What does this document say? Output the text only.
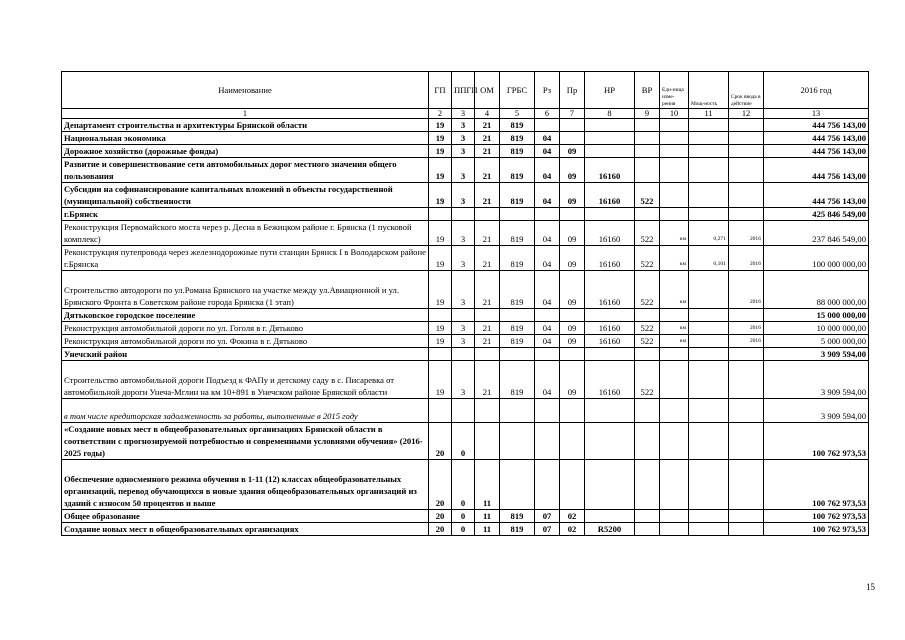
Наименование	ГП	ППГП	ОМ	ГРБС	Рз	Пр	НР	ВР	Еди-ница изме-рения	Мощ-ность	Срок ввода в действие	2016 год
1	2	3	4	5	6	7	8	9	10	11	12	13
Департамент строительства и архитектуры Брянской области	19	3	21	819								444 756 143,00
Национальная экономика	19	3	21	819	04							444 756 143,00
Дорожное хозяйство (дорожные фонды)	19	3	21	819	04	09						444 756 143,00
Развитие и совершенствование сети автомобильных дорог местного значения общего пользования	19	3	21	819	04	09	16160					444 756 143,00
Субсидии на софинансирование капитальных вложений в объекты государственной (муниципальной) собственности	19	3	21	819	04	09	16160	522				444 756 143,00
г.Брянск												425 846 549,00
Реконструкция Первомайского моста через р. Десна в Бежицком районе г. Брянска (1 пусковой комплекс)	19	3	21	819	04	09	16160	522	км	0,271	2016	237 846 549,00
Реконструкция путепровода через железнодорожные пути станции Брянск I в Володарском районе г.Брянска	19	3	21	819	04	09	16160	522	км	0,101	2016	100 000 000,00
Строительство автодороги по ул.Романа Брянского на участке между ул.Авиационной и ул. Брянского Фронта в Советском районе города Брянска (1 этап)	19	3	21	819	04	09	16160	522	км		2016	88 000 000,00
Дятьковское городское поселение												15 000 000,00
Реконструкция автомобильной дороги по ул. Гоголя в г. Дятьково	19	3	21	819	04	09	16160	522	км		2016	10 000 000,00
Реконструкция автомобильной дороги по ул. Фокина в г. Дятьково	19	3	21	819	04	09	16160	522	км		2016	5 000 000,00
Унечский район												3 909 594,00
Строительство автомобильной дороги Подъезд к ФАПу и детскому саду в с. Писаревка от автомобильной дороги Унеча-Мглин на км 10+891 в Унечском районе Брянской области	19	3	21	819	04	09	16160	522				3 909 594,00
в том числе кредиторская задолженность за работы, выполненные в 2015 году												3 909 594,00
«Создание новых мест в общеобразовательных организациях Брянской области в соответствии с прогнозируемой потребностью и современными условиями обучения» (2016-2025 годы)	20	0										100 762 973,53
Обеспечение односменного режима обучения в 1-11 (12) классах общеобразовательных организаций, перевод обучающихся в новые здания общеобразовательных организаций из зданий с износом 50 процентов и выше	20	0	11									100 762 973,53
Общее образование	20	0	11	819	07	02						100 762 973,53
Создание новых мест в общеобразовательных организациях	20	0	11	819	07	02	R5200					100 762 973,53
15
